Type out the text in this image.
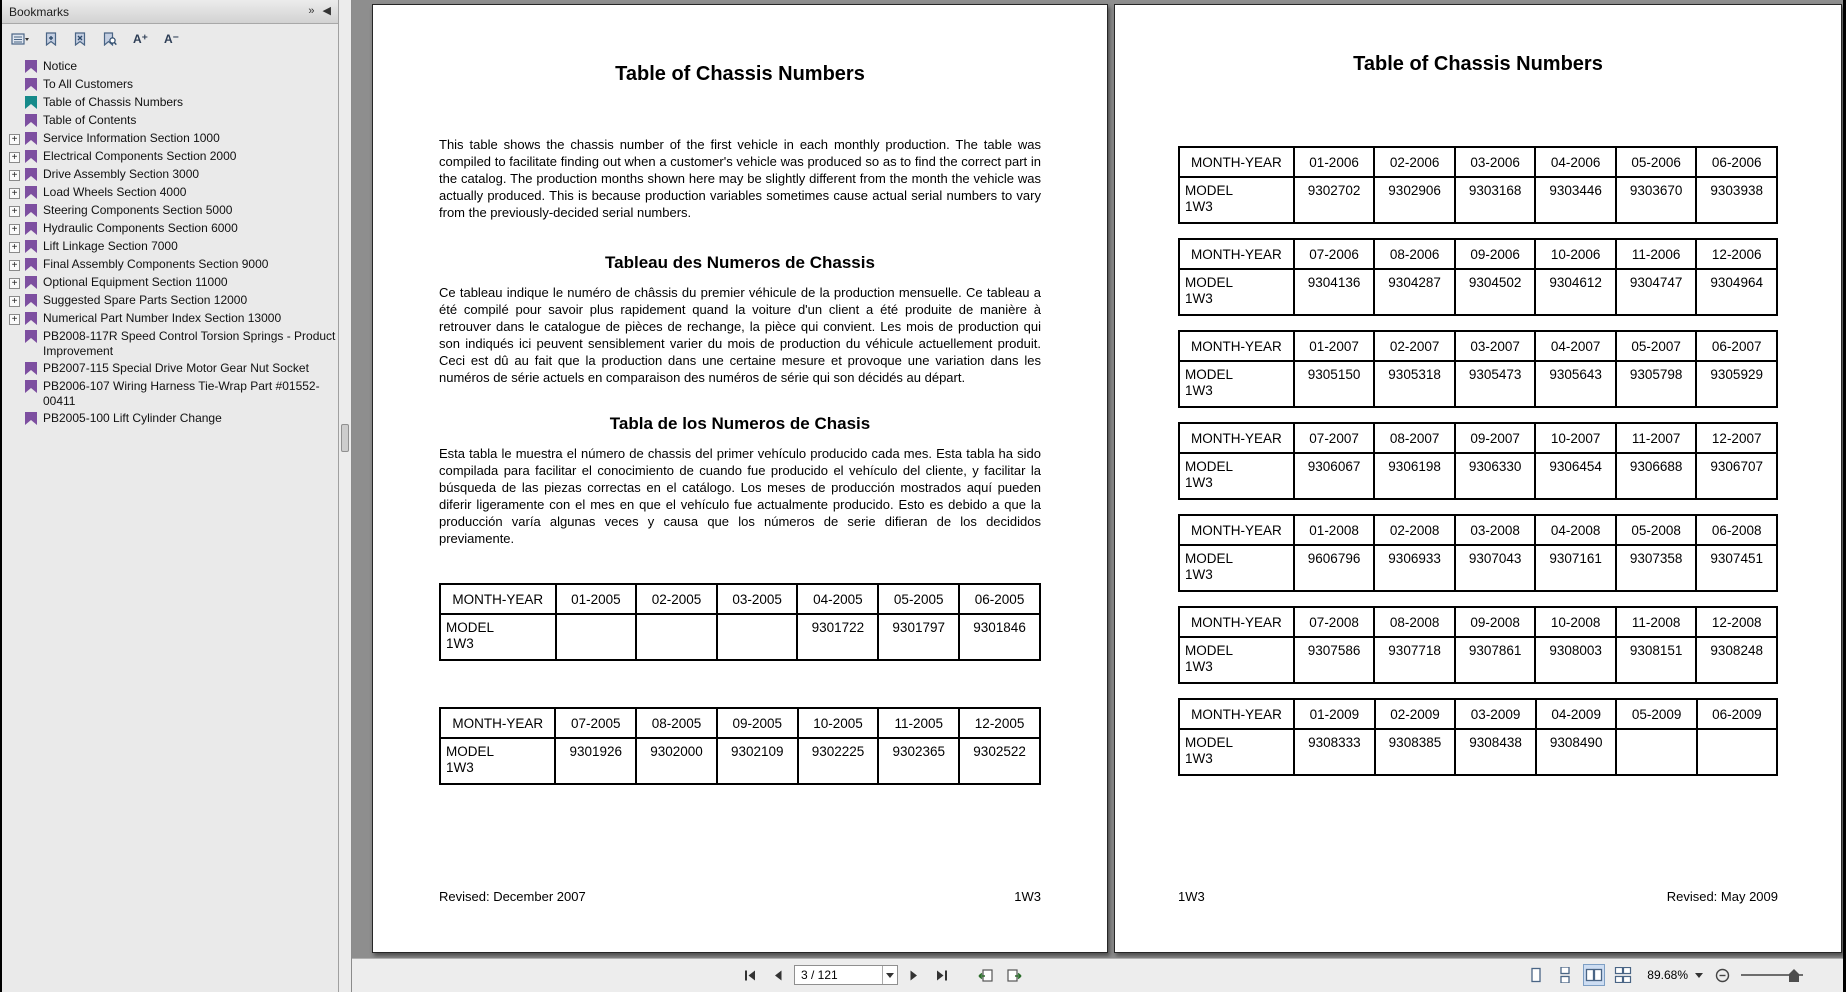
Bookmarks	» ◀
A⁺ A⁻
Notice
To All Customers
Table of Chassis Numbers
Table of Contents
+ Service Information Section 1000
+ Electrical Components Section 2000
+ Drive Assembly Section 3000
+ Load Wheels Section 4000
+ Steering Components Section 5000
+ Hydraulic Components Section 6000
+ Lift Linkage Section 7000
+ Final Assembly Components Section 9000
+ Optional Equipment Section 11000
+ Suggested Spare Parts Section 12000
+ Numerical Part Number Index Section 13000
PB2008-117R Speed Control Torsion Springs - Product Improvement
PB2007-115 Special Drive Motor Gear Nut Socket
PB2006-107 Wiring Harness Tie-Wrap Part #01552-00411
PB2005-100 Lift Cylinder Change
Table of Chassis Numbers

This table shows the chassis number of the first vehicle in each monthly production. The table was compiled to facilitate finding out when a customer's vehicle was produced so as to find the correct part in the catalog. The production months shown here may be slightly different from the month the vehicle was actually produced. This is because production variables sometimes cause actual serial numbers to vary from the previously-decided serial numbers.

Tableau des Numeros de Chassis

Ce tableau indique le numéro de châssis du premier véhicule de la production mensuelle. Ce tableau a été compilé pour savoir plus rapidement quand la voiture d'un client a été produite de manière à retrouver dans le catalogue de pièces de rechange, la pièce qui convient. Les mois de production qui son indiqués ici peuvent sensiblement varier du mois de production du véhicule actuellement produit. Ceci est dû au fait que la production dans une certaine mesure et provoque une variation dans les numéros de série actuels en comparaison des numéros de série qui son décidés au départ.

Tabla de los Numeros de Chasis

Esta tabla le muestra el número de chassis del primer vehículo producido cada mes. Esta tabla ha sido compilada para facilitar el conocimiento de cuando fue producido el vehículo del cliente, y facilitar la búsqueda de las piezas correctas en el catálogo. Los meses de producción mostrados aquí pueden diferir ligeramente con el mes en que el vehículo fue actualmente producido. Esto es debido a que la producción varía algunas veces y causa que los números de serie difieran de los decididos previamente.

MONTH-YEAR	01-2005	02-2005	03-2005	04-2005	05-2005	06-2005

MODEL
1W3				9301722	9301797	9301846
MONTH-YEAR	07-2005	08-2005	09-2005	10-2005	11-2005	12-2005

MODEL
1W3	9301926	9302000	9302109	9302225	9302365	9302522
Revised: December 2007	1W3
Table of Chassis Numbers
MONTH-YEAR	01-2006	02-2006	03-2006	04-2006	05-2006	06-2006

MODEL
1W3	9302702	9302906	9303168	9303446	9303670	9303938
MONTH-YEAR	07-2006	08-2006	09-2006	10-2006	11-2006	12-2006

MODEL
1W3	9304136	9304287	9304502	9304612	9304747	9304964
MONTH-YEAR	01-2007	02-2007	03-2007	04-2007	05-2007	06-2007

MODEL
1W3	9305150	9305318	9305473	9305643	9305798	9305929
MONTH-YEAR	07-2007	08-2007	09-2007	10-2007	11-2007	12-2007

MODEL
1W3	9306067	9306198	9306330	9306454	9306688	9306707
MONTH-YEAR	01-2008	02-2008	03-2008	04-2008	05-2008	06-2008

MODEL
1W3	9606796	9306933	9307043	9307161	9307358	9307451
MONTH-YEAR	07-2008	08-2008	09-2008	10-2008	11-2008	12-2008

MODEL
1W3	9307586	9307718	9307861	9308003	9308151	9308248
MONTH-YEAR	01-2009	02-2009	03-2009	04-2009	05-2009	06-2009

MODEL
1W3	9308333	9308385	9308438	9308490		
1W3	Revised: May 2009
3 / 121	89.68%
